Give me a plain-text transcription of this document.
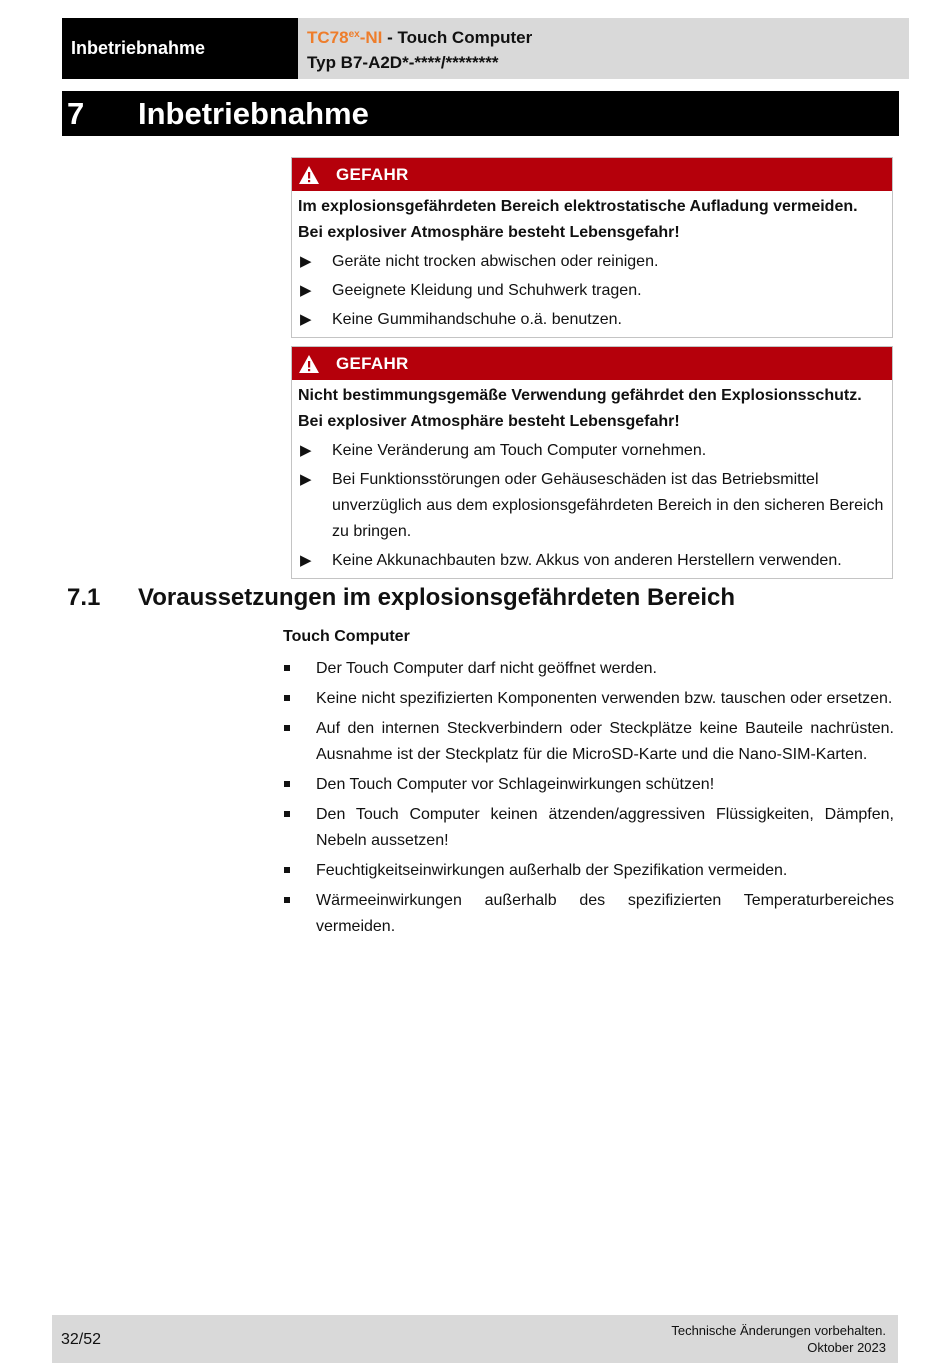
Inbetriebnahme
$TC78^{ex}-NI$ - Touch Computer
Typ B7-A2D*-****/********
7 Inbetriebnahme
GEFAHR
Im explosionsgefährdeten Bereich elektrostatische Aufladung vermeiden.
Bei explosiver Atmosphäre besteht Lebensgefahr!
▶ Geräte nicht trocken abwischen oder reinigen.
▶ Geeignete Kleidung und Schuhwerk tragen.
▶ Keine Gummihandschuhe o.ä. benutzen.
GEFAHR
Nicht bestimmungsgemäße Verwendung gefährdet den Explosionsschutz.
Bei explosiver Atmosphäre besteht Lebensgefahr!
▶ Keine Veränderung am Touch Computer vornehmen.
▶ Bei Funktionsstörungen oder Gehäuseschäden ist das Betriebsmittel unverzüglich aus dem explosionsgefährdeten Bereich in den sicheren Bereich zu bringen.
▶ Keine Akkunachbauten bzw. Akkus von anderen Herstellern verwenden.
7.1 Voraussetzungen im explosionsgefährdeten Bereich
Touch Computer
Der Touch Computer darf nicht geöffnet werden.
Keine nicht spezifizierten Komponenten verwenden bzw. tauschen oder ersetzen.
Auf den internen Steckverbindern oder Steckplätze keine Bauteile nachrüsten. Ausnahme ist der Steckplatz für die MicroSD-Karte und die Nano-SIM-Karten.
Den Touch Computer vor Schlageinwirkungen schützen!
Den Touch Computer keinen ätzenden/aggressiven Flüssigkeiten, Dämpfen, Nebeln aussetzen!
Feuchtigkeitseinwirkungen außerhalb der Spezifikation vermeiden.
Wärmeeinwirkungen außerhalb des spezifizierten Temperaturbereiches vermeiden.
32/52
Technische Änderungen vorbehalten.
Oktober 2023
